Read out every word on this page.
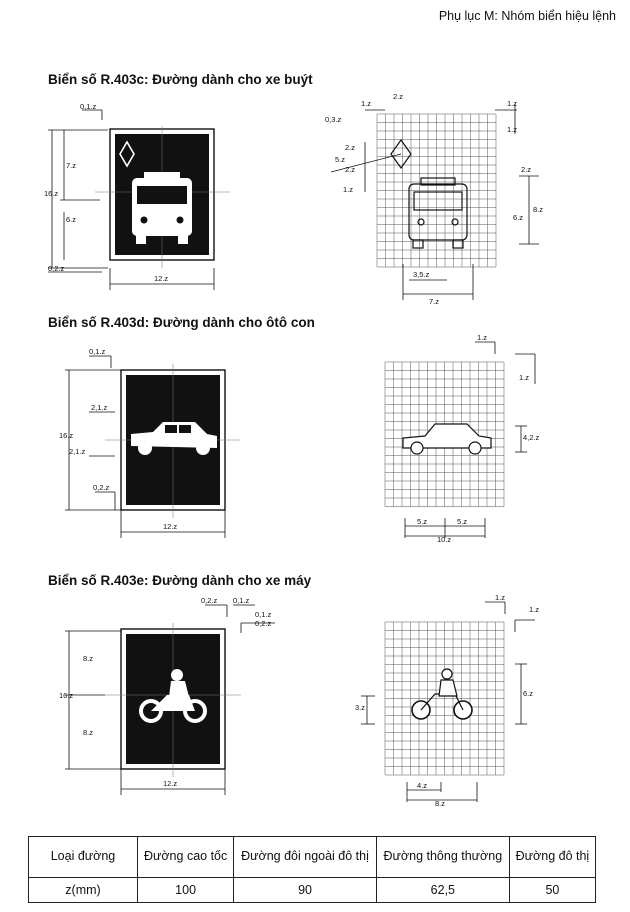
Phụ lục M: Nhóm biển hiệu lệnh
Biển số R.403c: Đường dành cho xe buýt
Biển số R.403d: Đường dành cho ôtô con
Biển số R.403e: Đường dành cho xe máy
0,1.z
7.z
16.z
6.z
0,2.z
12.z
1.z
2.z
1.z
1.z
0,3.z
2.z
5.z
2.z
1.z
2.z
6.z
8.z
3,5.z
7.z
0,1.z
2,1.z
16.z
2,1.z
0,2.z
12.z
1.z
1.z
4,2.z
5.z	5.z
10.z
0,2.z 0,1.z
0,1.z
0,2.z
8.z
16.z
8.z
12.z
1.z
1.z
3.z
6.z
4.z
8.z
Loại đường	Đường cao tốc	Đường đôi ngoài đô thị	Đường thông thường	Đường đô thị
z(mm)	100	90	62,5	50
